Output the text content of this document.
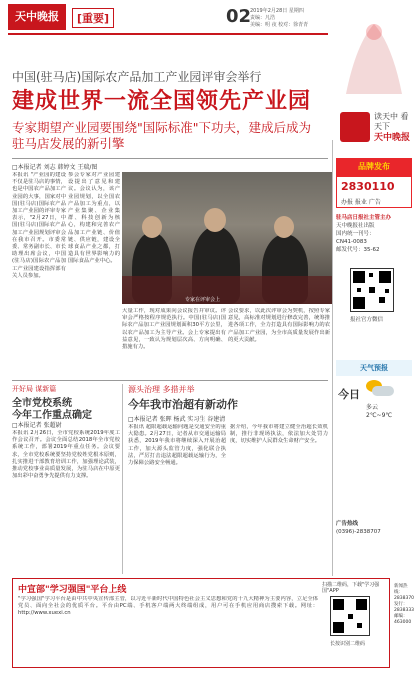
天中晚报	[重要]	02
2019年2月28日 星期四
责编：凡浩
美编：明 夜 校对：徐青青
读天中 看天下
天中晚报
品牌发布
2830110
办报 报业 广告
中国(驻马店)国际农产品加工产业园评审会举行
建成世界一流全国领先产业园
专家期望产业园要围绕"国际标准"下功夫，建成后成为驻马店发展的新引擎
□本报记者 刘志 韩婷文 王瑞/图
本报讯 "产业园的建设不仅是驻马店的事情，也是中国农产品加工产业园的大事，国家对中国(驻马店)国际农产品加工产业园的评审专家表示，"2月27日，中国(驻马店)国际农产品加工产业园规划评审会在我市召开。市委常委、常务副市长、市长助理出席会议，中国(驻马店)国际农产品加工产业园建设指挥部有关人员参加。
参会专家对产业园建设提出了意见和建议。会议认为，该产业园规划，以全国农产品加工为重点，以产业集聚、企业集群、科技创新为核心，构建和完善农产品加工产业链、价值链、供应链，建设全球食品产业之都，打造具有世界影响力的国际食品产业中心。
专家在评审会上
大量工作，现对成果向会议报告并审议。评审会严格按程序规范执行。中国(驻马店)国际农产品加工产业园规划面积30平方公里，以农产品加工为主导产业。会上专家提出有益意见，一致认为规划层次高、方向明确、措施有力。
会议要求，以此次评审会为契机，按照专家意见，高标准对规划进行修改完善，统筹推进各项工作，全力打造具有国际影响力的农产品加工产业园，为全市高质量发展作出新的更大贡献。
驻马店日报社主管主办
天中晚报社出版
国内统一刊号：
CN41-0083
邮发代号：35-62
报社官方微信
天气预报
今日
多云
2℃~9℃
广告热线
(0396)-2838707
开好局 谋新篇
全市党校系统
今年工作重点确定
□本报记者 张超尉
本报讯 2月26日，全市党校系统2019年度工作会议召开。会议全面总结2018年全市党校系统工作，部署2019年重点任务。会议要求，全市党校系统要坚持党校姓党根本原则，扎实推进干部教育培训工作，加强理论武装，推动党校事业高质量发展，为驻马店在中原更加出彩中奋勇争先提供有力支撑。
源头治理 多措并举
今年我市治超有新动作
□本报记者 张晖 杨武 实习生 谷建清
本报讯 超限超载运输问题是交通安全的重大隐患。2月27日，记者从市交通运输局获悉，2019年我市将继续深入开展治超工作，加大源头监管力度，强化联合执法，严厉打击违法超限超载运输行为，全力保障公路安全畅通。
据介绍，今年我市将建立健全治超长效机制，推行非现场执法，依法加大处罚力度，切实维护人民群众生命财产安全。
中宣部"学习强国"平台上线
"学习强国"学习平台是由中共中央宣传部主管，以习近平新时代中国特色社会主义思想和党的十九大精神为主要内容，立足全体党员、面向全社会的优质平台。平台由PC端、手机客户端两大终端组成，用户可在手机应用商店搜索下载。网址：http://www.xuexi.cn
扫描二维码，下载"学习强国"APP
长按识别二维码
新闻热线：2838370
发行：2838333
邮编：463000
